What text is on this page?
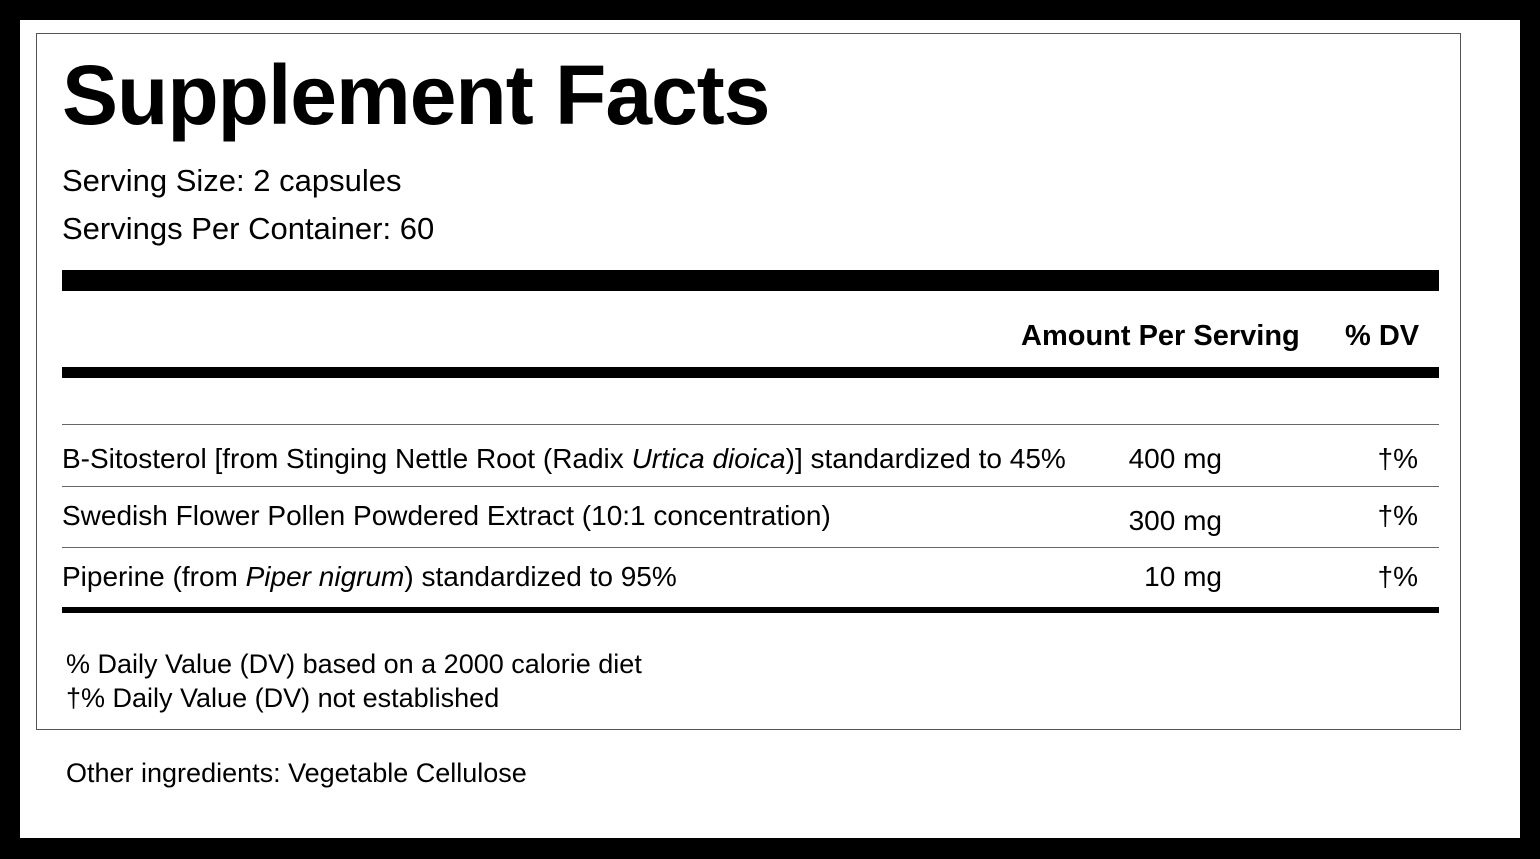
Supplement Facts
Serving Size: 2 capsules
Servings Per Container: 60
Amount Per Serving % DV
B-Sitosterol [from Stinging Nettle Root (Radix Urtica dioica)] standardized to 45%	400 mg	†%
Swedish Flower Pollen Powdered Extract (10:1 concentration)	300 mg	†%
Piperine (from Piper nigrum) standardized to 95%	10 mg	†%
% Daily Value (DV) based on a 2000 calorie diet
†% Daily Value (DV) not established
Other ingredients: Vegetable Cellulose
